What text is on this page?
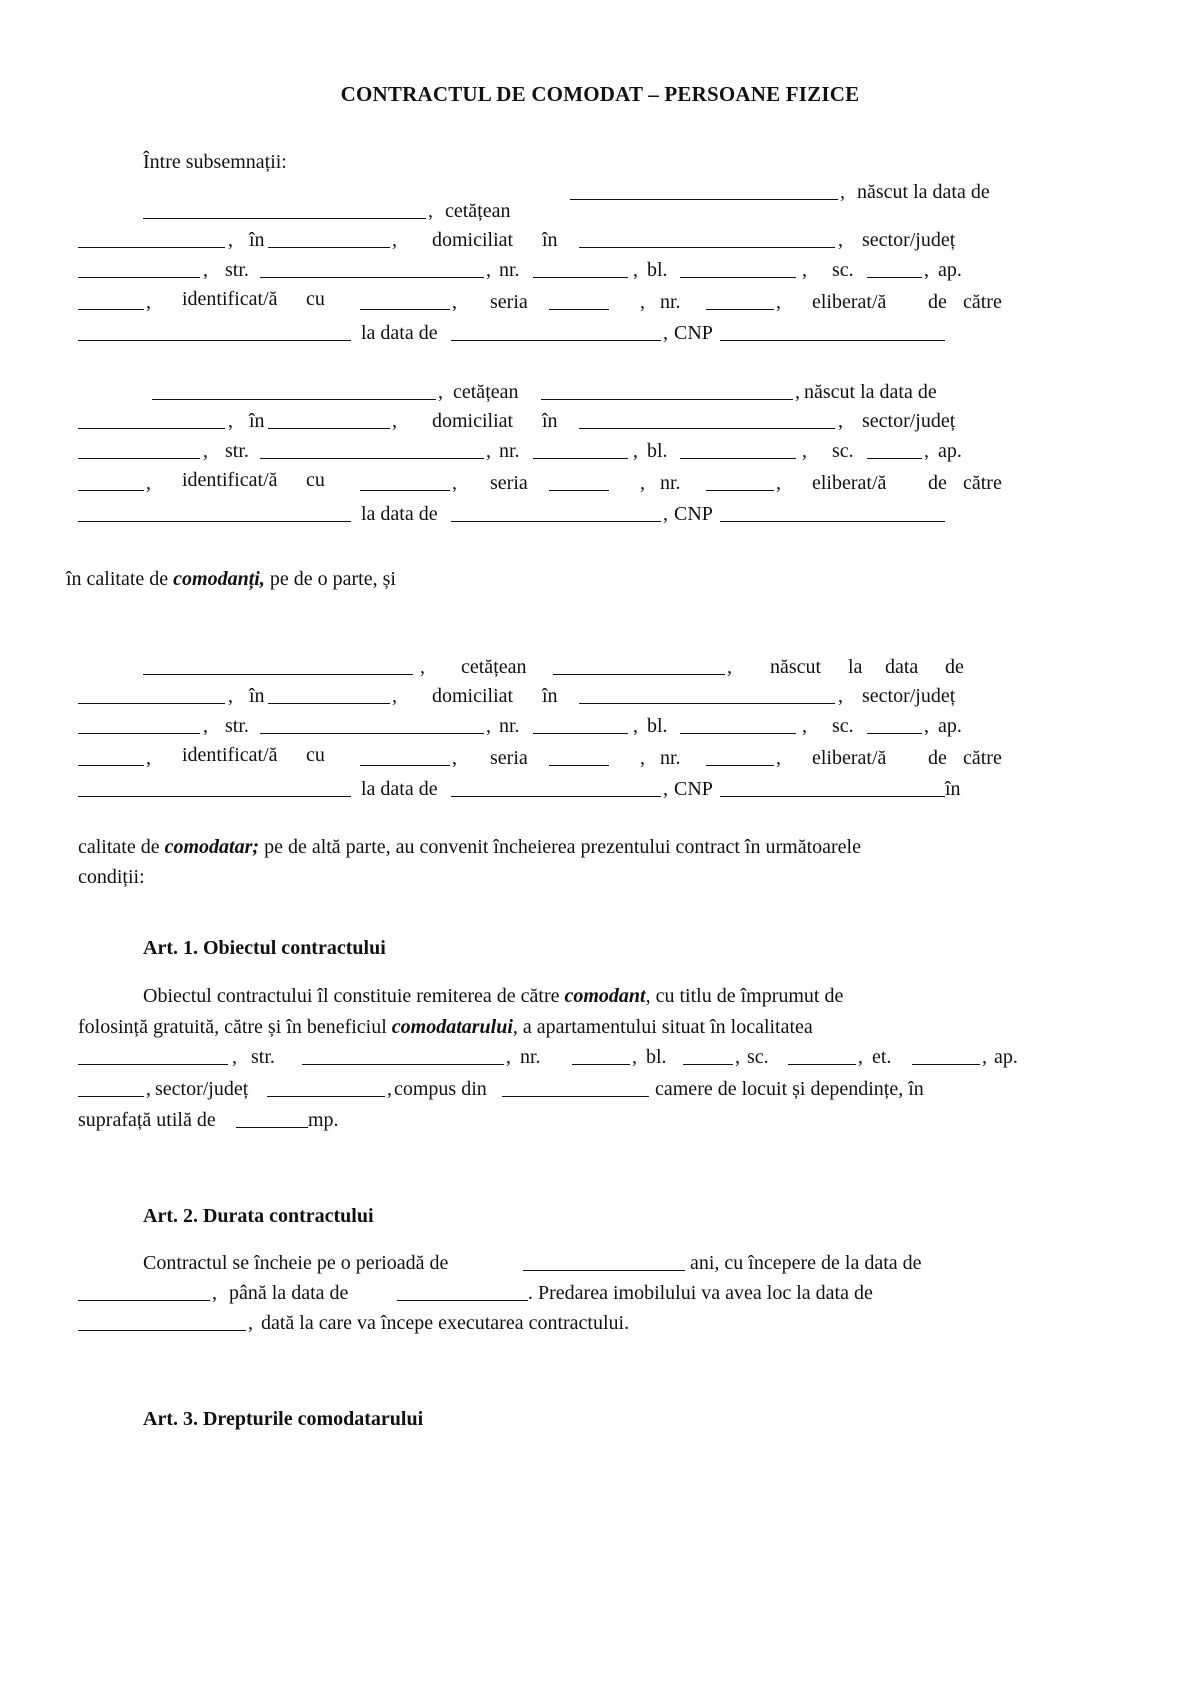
CONTRACTUL DE COMODAT – PERSOANE FIZICE
Între subsemnații:
, născut la data de
, cetățean
, în	, domiciliat în	, sector/județ
, str.	, nr.	, bl.	, sc.	, ap.
, identificat/ă cu	, seria	, nr.	, eliberat/ă de către
la data de	, CNP
, cetățean	, născut la data de
, în	, domiciliat în	, sector/județ
, str.	, nr.	, bl.	, sc.	, ap.
, identificat/ă cu	, seria	, nr.	, eliberat/ă de către
la data de	, CNP
în calitate de comodanți, pe de o parte, și
, cetățean	, născut la data de
, în	, domiciliat în	, sector/județ
, str.	, nr.	, bl.	, sc.	, ap.
, identificat/ă cu	, seria	, nr.	, eliberat/ă de către
la data de	, CNP	în
calitate de comodatar; pe de altă parte, au convenit încheierea prezentului contract în următoarele
condiții:
Art. 1. Obiectul contractului
Obiectul contractului îl constituie remiterea de către comodant, cu titlu de împrumut de
folosință gratuită, către și în beneficiul comodatarului, a apartamentului situat în localitatea
, str.	, nr.	, bl.	, sc.	, et.	, ap.
, sector/județ	, compus din	camere de locuit și dependințe, în
suprafață utilă de	mp.
Art. 2. Durata contractului
Contractul se încheie pe o perioadă de	ani, cu începere de la data de
, până la data de	. Predarea imobilului va avea loc la data de
, dată la care va începe executarea contractului.
Art. 3. Drepturile comodatarului
